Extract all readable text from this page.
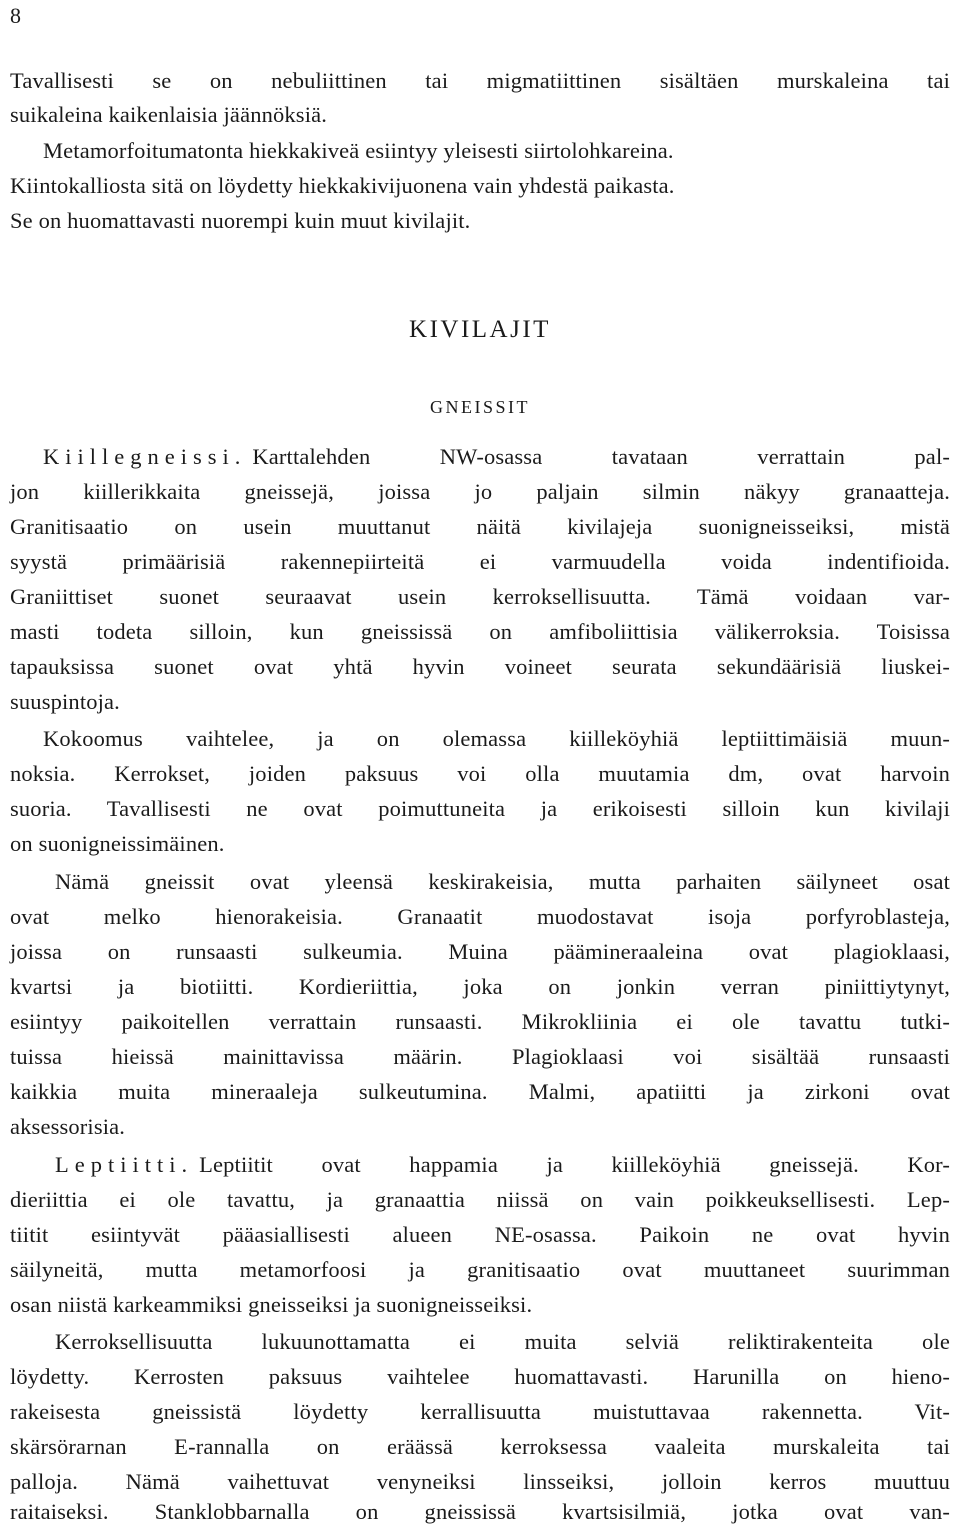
8
Tavallisesti se on nebuliittinen tai migmatiittinen sisältäen murskaleina tai
suikaleina kaikenlaisia jäännöksiä.
Metamorfoitumatonta hiekkakiveä esiintyy yleisesti siirtolohkareina.
Kiintokalliosta sitä on löydetty hiekkakivijuonena vain yhdestä paikasta.
Se on huomattavasti nuorempi kuin muut kivilajit.
KIVILAJIT
GNEISSIT
Kiillegneissi. Karttalehden NW-osassa tavataan verrattain pal-
jon kiillerikkaita gneissejä, joissa jo paljain silmin näkyy granaatteja.
Granitisaatio on usein muuttanut näitä kivilajeja suonigneisseiksi, mistä
syystä primäärisiä rakennepiirteitä ei varmuudella voida indentifioida.
Graniittiset suonet seuraavat usein kerroksellisuutta. Tämä voidaan var-
masti todeta silloin, kun gneississä on amfiboliittisia välikerroksia. Toisissa
tapauksissa suonet ovat yhtä hyvin voineet seurata sekundäärisiä liuskei-
suuspintoja.
Kokoomus vaihtelee, ja on olemassa kiilleköyhiä leptiittimäisiä muun-
noksia. Kerrokset, joiden paksuus voi olla muutamia dm, ovat harvoin
suoria. Tavallisesti ne ovat poimuttuneita ja erikoisesti silloin kun kivilaji
on suonigneissimäinen.
Nämä gneissit ovat yleensä keskirakeisia, mutta parhaiten säilyneet osat
ovat melko hienorakeisia. Granaatit muodostavat isoja porfyroblasteja,
joissa on runsaasti sulkeumia. Muina päämineraaleina ovat plagioklaasi,
kvartsi ja biotiitti. Kordieriittia, joka on jonkin verran piniittiytynyt,
esiintyy paikoitellen verrattain runsaasti. Mikrokliinia ei ole tavattu tutki-
tuissa hieissä mainittavissa määrin. Plagioklaasi voi sisältää runsaasti
kaikkia muita mineraaleja sulkeutumina. Malmi, apatiitti ja zirkoni ovat
aksessorisia.
Leptiitti. Leptiitit ovat happamia ja kiilleköyhiä gneissejä. Kor-
dieriittia ei ole tavattu, ja granaattia niissä on vain poikkeuksellisesti. Lep-
tiitit esiintyvät pääasiallisesti alueen NE-osassa. Paikoin ne ovat hyvin
säilyneitä, mutta metamorfoosi ja granitisaatio ovat muuttaneet suurimman
osan niistä karkeammiksi gneisseiksi ja suonigneisseiksi.
Kerroksellisuutta lukuunottamatta ei muita selviä reliktirakenteita ole
löydetty. Kerrosten paksuus vaihtelee huomattavasti. Harunilla on hieno-
rakeisesta gneissistä löydetty kerrallisuutta muistuttavaa rakennetta. Vit-
skärsörarnan E-rannalla on eräässä kerroksessa vaaleita murskaleita tai
palloja. Nämä vaihettuvat venyneiksi linsseiksi, jolloin kerros muuttuu
raitaiseksi. Stanklobbarnalla on gneississä kvartsisilmiä, jotka ovat van-
